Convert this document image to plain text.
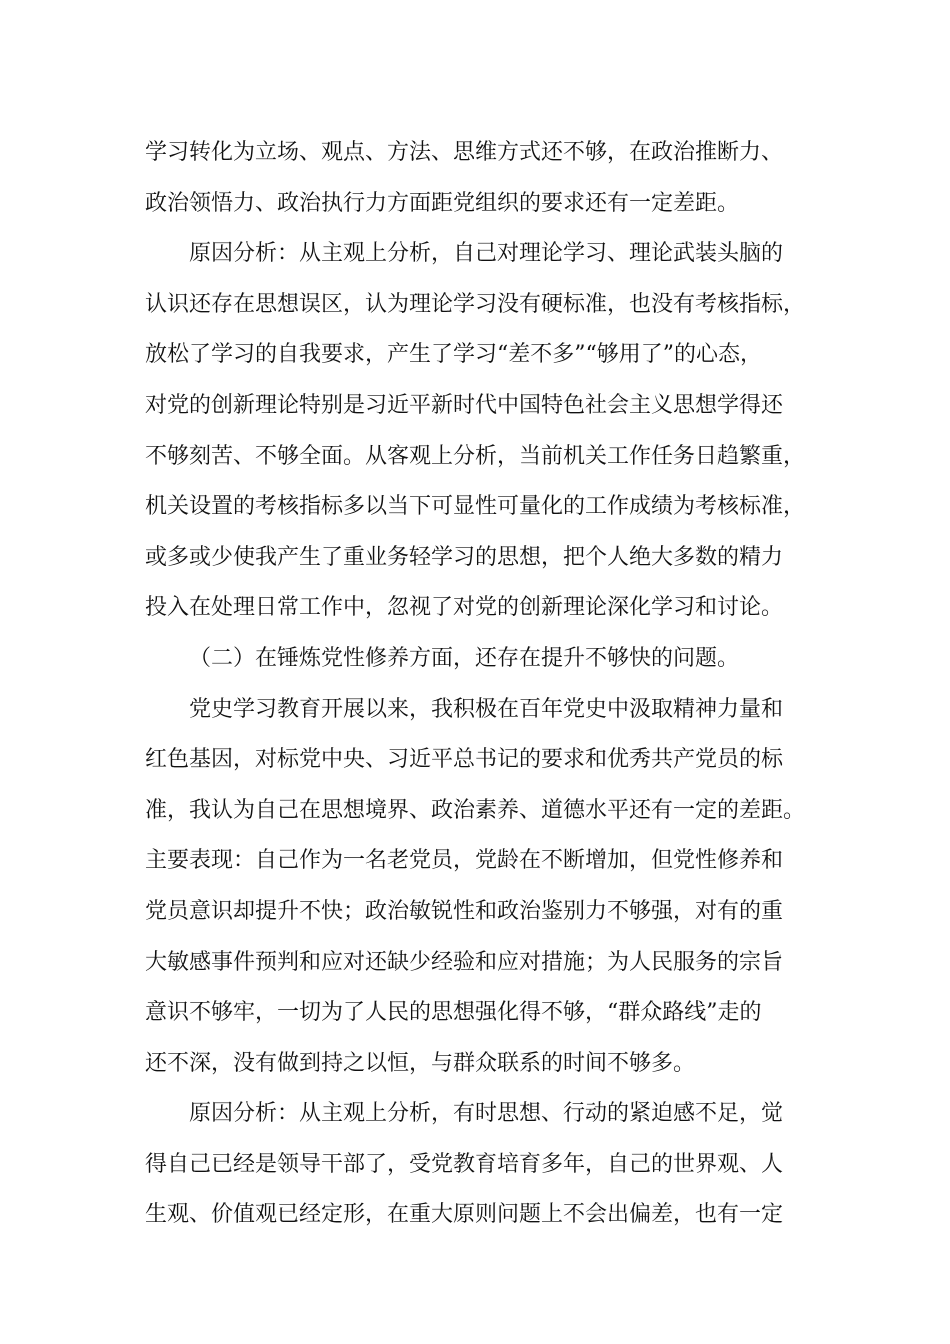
学习转化为立场、观点、方法、思维方式还不够，在政治推断力、
政治领悟力、政治执行力方面距党组织的要求还有一定差距。
原因分析：从主观上分析，自己对理论学习、理论武装头脑的
认识还存在思想误区，认为理论学习没有硬标准，也没有考核指标，
放松了学习的自我要求，产生了学习“差不多”“够用了”的心态，
对党的创新理论特别是习近平新时代中国特色社会主义思想学得还
不够刻苦、不够全面。从客观上分析，当前机关工作任务日趋繁重，
机关设置的考核指标多以当下可显性可量化的工作成绩为考核标准，
或多或少使我产生了重业务轻学习的思想，把个人绝大多数的精力
投入在处理日常工作中，忽视了对党的创新理论深化学习和讨论。
（二）在锤炼党性修养方面，还存在提升不够快的问题。
党史学习教育开展以来，我积极在百年党史中汲取精神力量和
红色基因，对标党中央、习近平总书记的要求和优秀共产党员的标
准，我认为自己在思想境界、政治素养、道德水平还有一定的差距。
主要表现：自己作为一名老党员，党龄在不断增加，但党性修养和
党员意识却提升不快；政治敏锐性和政治鉴别力不够强，对有的重
大敏感事件预判和应对还缺少经验和应对措施；为人民服务的宗旨
意识不够牢，一切为了人民的思想强化得不够，“群众路线”走的
还不深，没有做到持之以恒，与群众联系的时间不够多。
原因分析：从主观上分析，有时思想、行动的紧迫感不足，觉
得自己已经是领导干部了，受党教育培育多年，自己的世界观、人
生观、价值观已经定形，在重大原则问题上不会出偏差，也有一定
